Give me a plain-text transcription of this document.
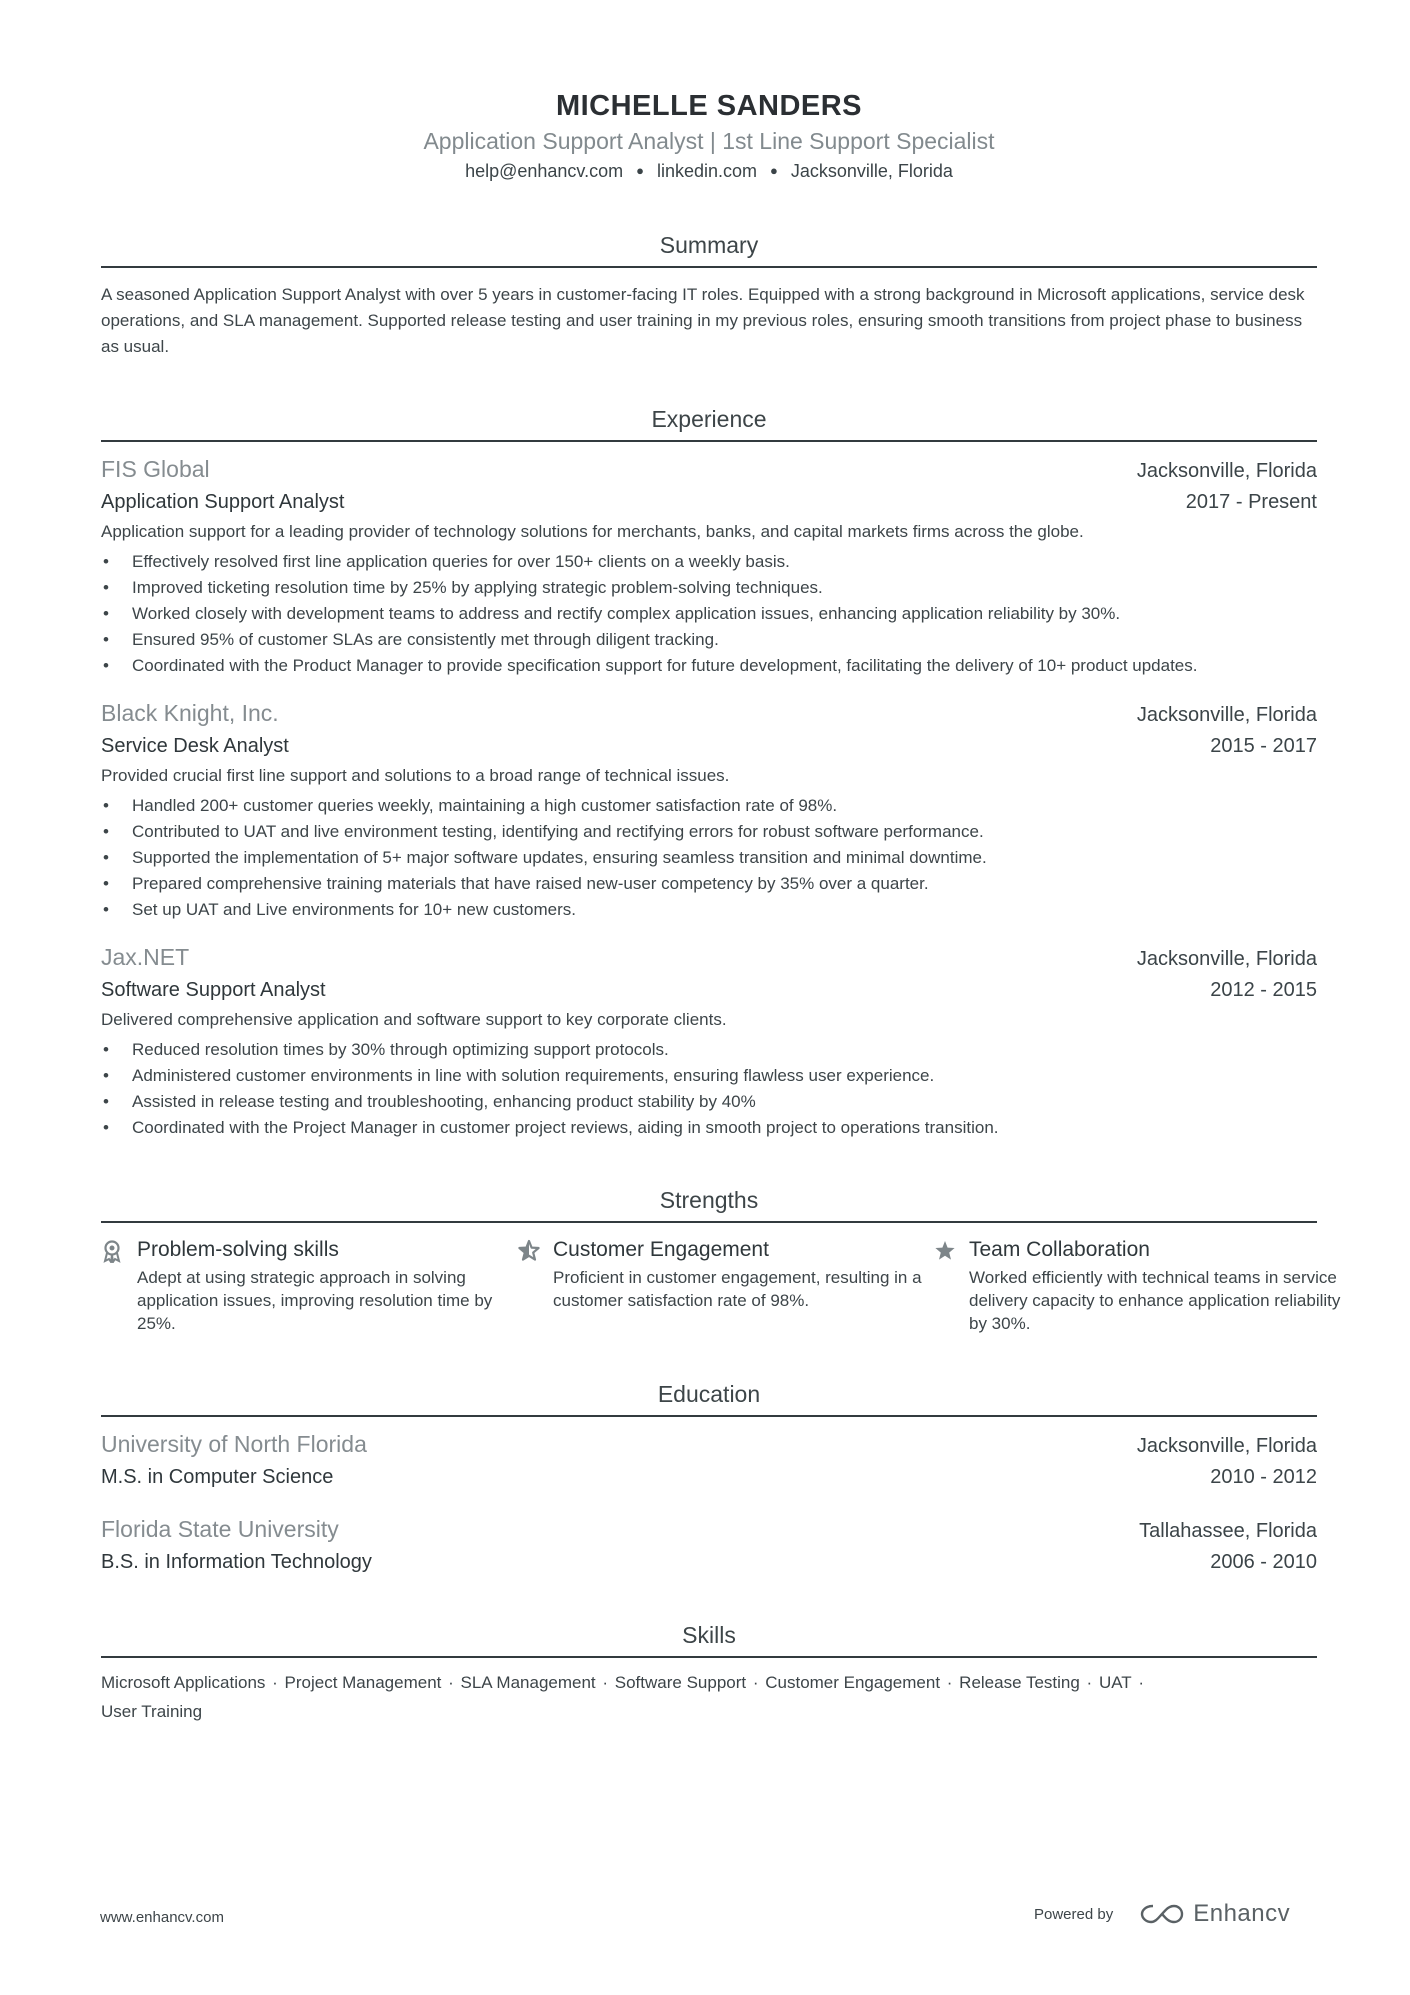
MICHELLE SANDERS
Application Support Analyst | 1st Line Support Specialist
help@enhancv.com ● linkedin.com ● Jacksonville, Florida
Summary
A seasoned Application Support Analyst with over 5 years in customer-facing IT roles. Equipped with a strong background in Microsoft applications, service desk operations, and SLA management. Supported release testing and user training in my previous roles, ensuring smooth transitions from project phase to business as usual.
Experience
FIS Global	Jacksonville, Florida
Application Support Analyst	2017 - Present
Application support for a leading provider of technology solutions for merchants, banks, and capital markets firms across the globe.
• Effectively resolved first line application queries for over 150+ clients on a weekly basis.
• Improved ticketing resolution time by 25% by applying strategic problem-solving techniques.
• Worked closely with development teams to address and rectify complex application issues, enhancing application reliability by 30%.
• Ensured 95% of customer SLAs are consistently met through diligent tracking.
• Coordinated with the Product Manager to provide specification support for future development, facilitating the delivery of 10+ product updates.
Black Knight, Inc.	Jacksonville, Florida
Service Desk Analyst	2015 - 2017
Provided crucial first line support and solutions to a broad range of technical issues.
• Handled 200+ customer queries weekly, maintaining a high customer satisfaction rate of 98%.
• Contributed to UAT and live environment testing, identifying and rectifying errors for robust software performance.
• Supported the implementation of 5+ major software updates, ensuring seamless transition and minimal downtime.
• Prepared comprehensive training materials that have raised new-user competency by 35% over a quarter.
• Set up UAT and Live environments for 10+ new customers.
Jax.NET	Jacksonville, Florida
Software Support Analyst	2012 - 2015
Delivered comprehensive application and software support to key corporate clients.
• Reduced resolution times by 30% through optimizing support protocols.
• Administered customer environments in line with solution requirements, ensuring flawless user experience.
• Assisted in release testing and troubleshooting, enhancing product stability by 40%
• Coordinated with the Project Manager in customer project reviews, aiding in smooth project to operations transition.
Strengths
Problem-solving skills
Adept at using strategic approach in solving application issues, improving resolution time by 25%.
Customer Engagement
Proficient in customer engagement, resulting in a customer satisfaction rate of 98%.
Team Collaboration
Worked efficiently with technical teams in service delivery capacity to enhance application reliability by 30%.
Education
University of North Florida	Jacksonville, Florida
M.S. in Computer Science	2010 - 2012
Florida State University	Tallahassee, Florida
B.S. in Information Technology	2006 - 2010
Skills
Microsoft Applications · Project Management · SLA Management · Software Support · Customer Engagement · Release Testing · UAT ·
User Training
www.enhancv.com	Powered by	Enhancv
